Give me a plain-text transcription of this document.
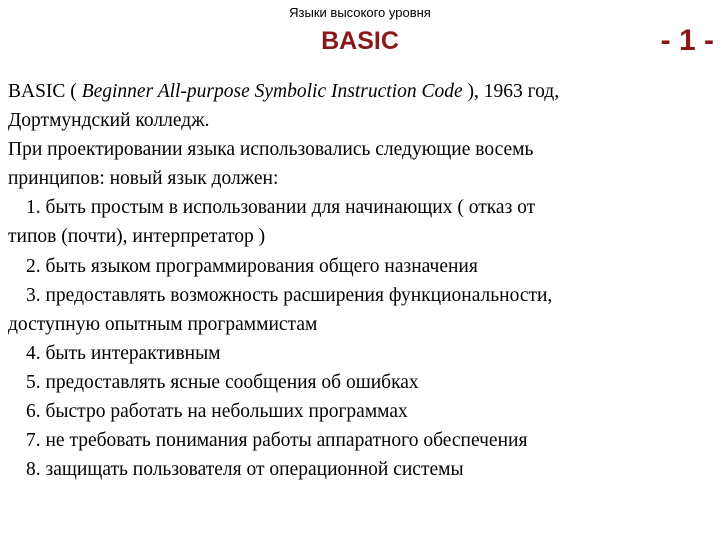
Языки высокого уровня
BASIC	- 1 -
BASIC ( Beginner All-purpose Symbolic Instruction Code ), 1963 год,
Дортмундский колледж.
При проектировании языка использовались следующие восемь
принципов: новый язык должен:
1. быть простым в использовании для начинающих ( отказ от
типов (почти), интерпретатор )
2. быть языком программирования общего назначения
3. предоставлять возможность расширения функциональности,
доступную опытным программистам
4. быть интерактивным
5. предоставлять ясные сообщения об ошибках
6. быстро работать на небольших программах
7. не требовать понимания работы аппаратного обеспечения
8. защищать пользователя от операционной системы
